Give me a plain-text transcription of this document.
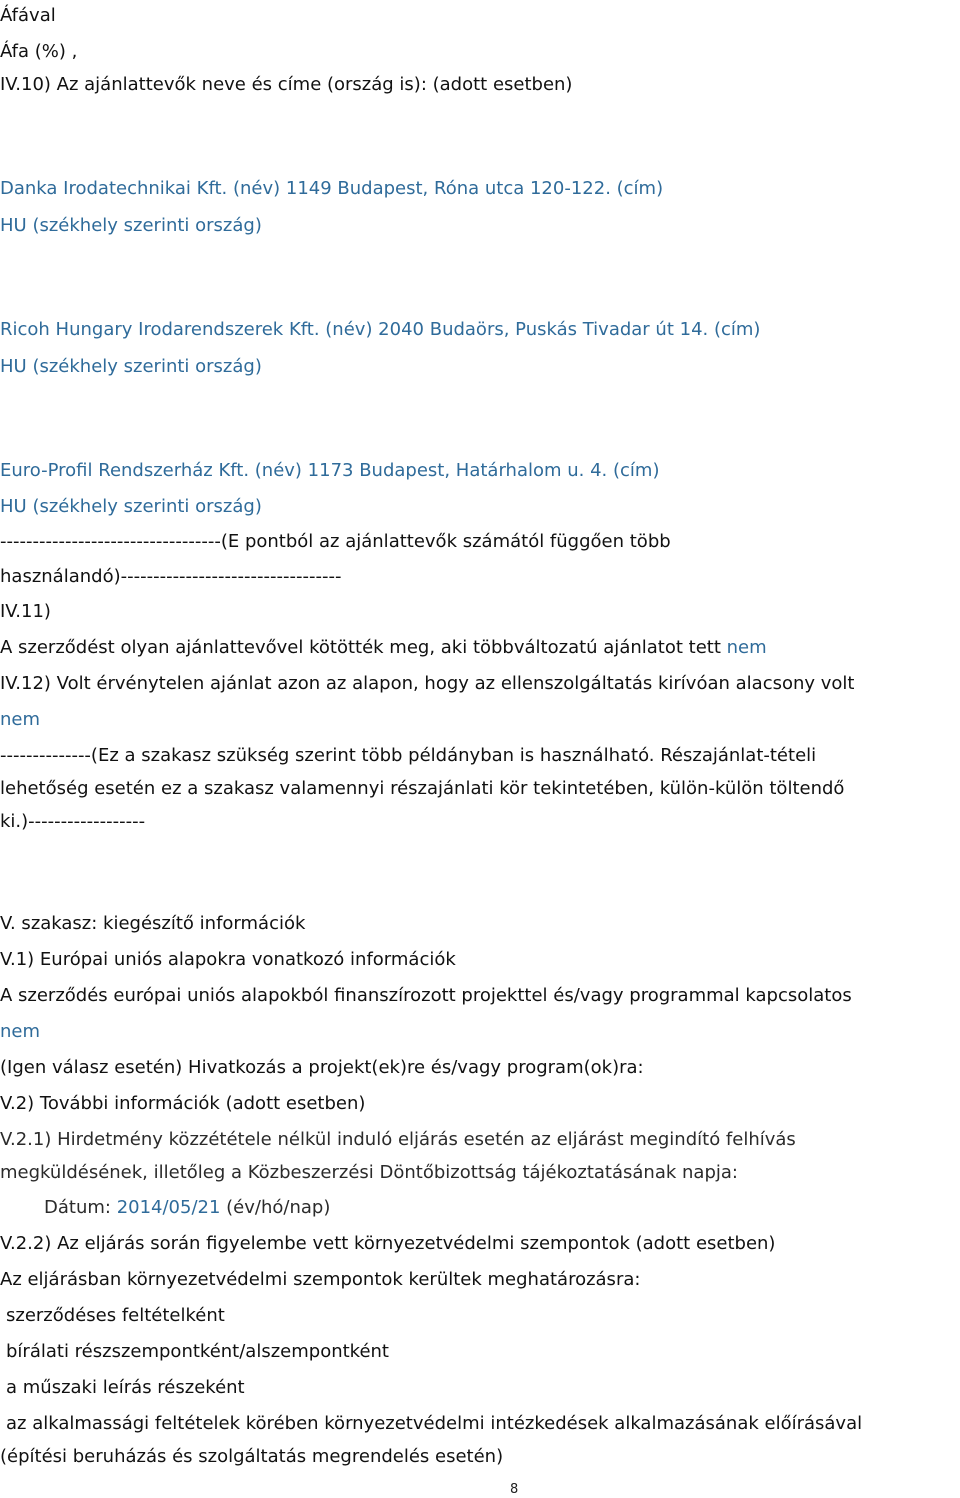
Áfával
Áfa (%) ,
IV.10) Az ajánlattevők neve és címe (ország is): (adott esetben)
Danka Irodatechnikai Kft. (név) 1149 Budapest, Róna utca 120-122. (cím)
HU (székhely szerinti ország)
Ricoh Hungary Irodarendszerek Kft. (név) 2040 Budaörs, Puskás Tivadar út 14. (cím)
HU (székhely szerinti ország)
Euro-Profil Rendszerház Kft. (név) 1173 Budapest, Határhalom u. 4. (cím)
HU (székhely szerinti ország)
----------------------------------(E pontból az ajánlattevők számától függően több
használandó)----------------------------------
IV.11)
A szerződést olyan ajánlattevővel kötötték meg, aki többváltozatú ajánlatot tett nem
IV.12) Volt érvénytelen ajánlat azon az alapon, hogy az ellenszolgáltatás kirívóan alacsony volt
nem
--------------(Ez a szakasz szükség szerint több példányban is használható. Részajánlat-tételi
lehetőség esetén ez a szakasz valamennyi részajánlati kör tekintetében, külön-külön töltendő
ki.)------------------
V. szakasz: kiegészítő információk
V.1) Európai uniós alapokra vonatkozó információk
A szerződés európai uniós alapokból finanszírozott projekttel és/vagy programmal kapcsolatos
nem
(Igen válasz esetén) Hivatkozás a projekt(ek)re és/vagy program(ok)ra:
V.2) További információk (adott esetben)
V.2.1) Hirdetmény közzététele nélkül induló eljárás esetén az eljárást megindító felhívás
megküldésének, illetőleg a Közbeszerzési Döntőbizottság tájékoztatásának napja:
Dátum: 2014/05/21 (év/hó/nap)
V.2.2) Az eljárás során figyelembe vett környezetvédelmi szempontok (adott esetben)
Az eljárásban környezetvédelmi szempontok kerültek meghatározásra:
szerződéses feltételként
bírálati részszempontként/alszempontként
a műszaki leírás részeként
az alkalmassági feltételek körében környezetvédelmi intézkedések alkalmazásának előírásával
(építési beruházás és szolgáltatás megrendelés esetén)
8
